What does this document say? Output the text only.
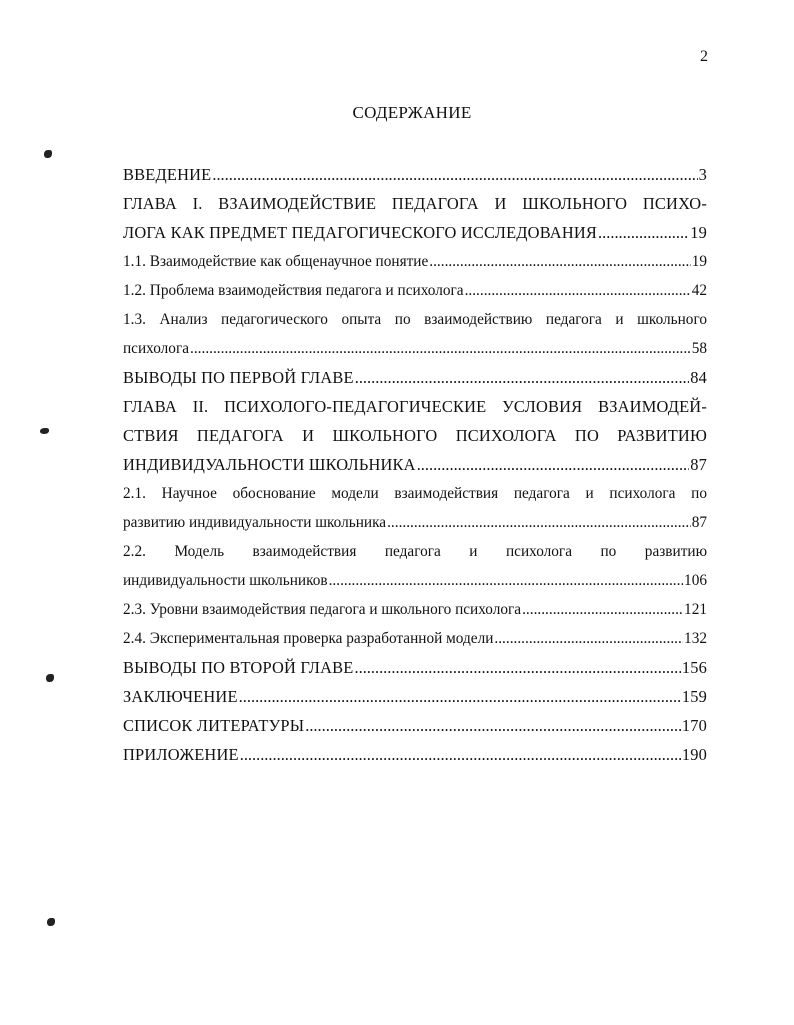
2
СОДЕРЖАНИЕ
ВВЕДЕНИЕ .....	3
ГЛАВА I. ВЗАИМОДЕЙСТВИЕ ПЕДАГОГА И ШКОЛЬНОГО ПСИХО-
ЛОГА КАК ПРЕДМЕТ ПЕДАГОГИЧЕСКОГО ИССЛЕДОВАНИЯ .....	19
1.1. Взаимодействие как общенаучное понятие .....	19
1.2. Проблема взаимодействия педагога и психолога .....	42
1.3. Анализ педагогического опыта по взаимодействию педагога и школьного
психолога .....	58
ВЫВОДЫ ПО ПЕРВОЙ ГЛАВЕ .....	84
ГЛАВА II. ПСИХОЛОГО-ПЕДАГОГИЧЕСКИЕ УСЛОВИЯ ВЗАИМОДЕЙ-
СТВИЯ ПЕДАГОГА И ШКОЛЬНОГО ПСИХОЛОГА ПО РАЗВИТИЮ
ИНДИВИДУАЛЬНОСТИ ШКОЛЬНИКА .....	87
2.1. Научное обоснование модели взаимодействия педагога и психолога по
развитию индивидуальности школьника .....	87
2.2. Модель взаимодействия педагога и психолога по развитию
индивидуальности школьников .....	106
2.3. Уровни взаимодействия педагога и школьного психолога .....	121
2.4. Экспериментальная проверка разработанной модели .....	132
ВЫВОДЫ ПО ВТОРОЙ ГЛАВЕ .....	156
ЗАКЛЮЧЕНИЕ .....	159
СПИСОК ЛИТЕРАТУРЫ .....	170
ПРИЛОЖЕНИЕ .....	190
